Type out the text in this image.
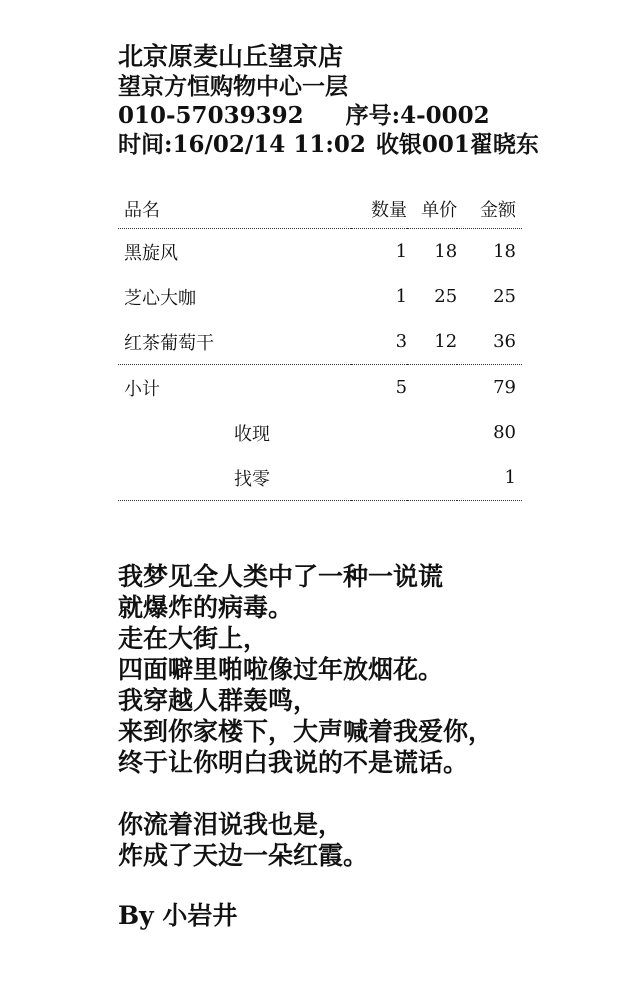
北京原麦山丘望京店
望京方恒购物中心一层
010-57039392 序号:4-0002
时间:16/02/14 11:02 收银001翟晓东
品名	数量	单价	金额
黑旋风	1	18	18
芝心大咖	1	25	25
红茶葡萄干	3	12	36
小计	5		79
收现			80
找零			1
我梦见全人类中了一种一说谎
就爆炸的病毒。
走在大街上，
四面噼里啪啦像过年放烟花。
我穿越人群轰鸣，
来到你家楼下，大声喊着我爱你，
终于让你明白我说的不是谎话。
你流着泪说我也是，
炸成了天边一朵红霞。
By 小岩井
